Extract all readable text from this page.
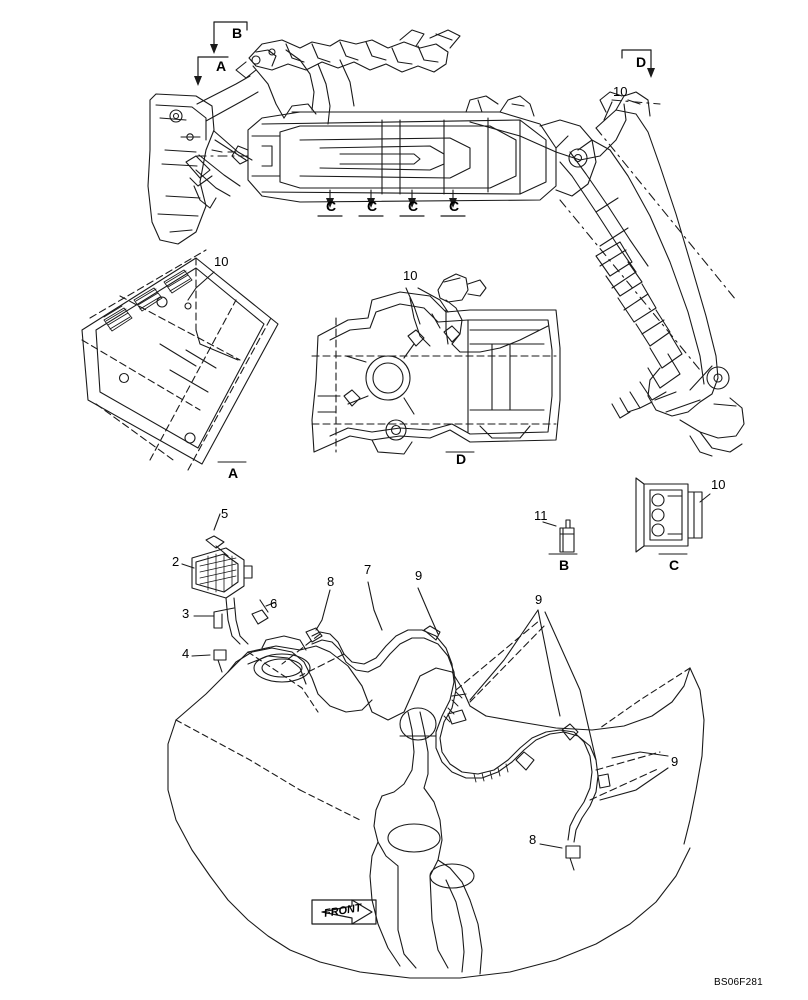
B
A	D
C C C C
A
D
B	C
10
10
10
10
11
5
2
3
4
6
8
7	9
9
9
8
FRONT
BS06F281
